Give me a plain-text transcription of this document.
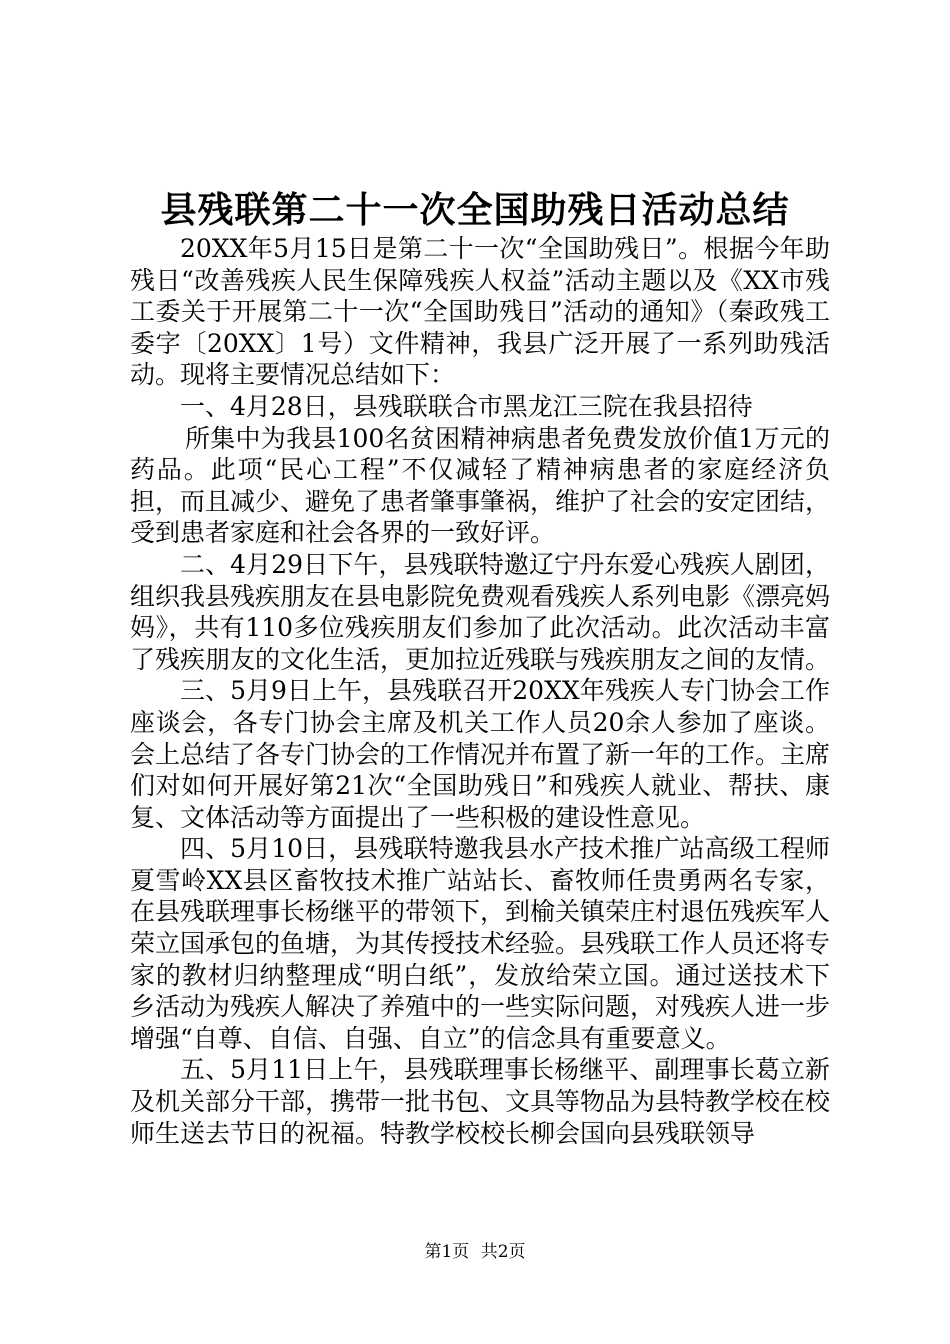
县残联第二十一次全国助残日活动总结

20XX年5月15日是第二十一次“全国助残日”。根据今年助残日“改善残疾人民生保障残疾人权益”活动主题以及《XX市残工委关于开展第二十一次“全国助残日”活动的通知》（秦政残工委字〔20XX〕1号）文件精神，我县广泛开展了一系列助残活动。现将主要情况总结如下：

一、4月28日，县残联联合市黑龙江三院在我县招待

所集中为我县100名贫困精神病患者免费发放价值1万元的药品。此项“民心工程”不仅减轻了精神病患者的家庭经济负担，而且减少、避免了患者肇事肇祸，维护了社会的安定团结，受到患者家庭和社会各界的一致好评。

二、4月29日下午，县残联特邀辽宁丹东爱心残疾人剧团，组织我县残疾朋友在县电影院免费观看残疾人系列电影《漂亮妈妈》，共有110多位残疾朋友们参加了此次活动。此次活动丰富了残疾朋友的文化生活，更加拉近残联与残疾朋友之间的友情。

三、5月9日上午，县残联召开20XX年残疾人专门协会工作座谈会，各专门协会主席及机关工作人员20余人参加了座谈。会上总结了各专门协会的工作情况并布置了新一年的工作。主席们对如何开展好第21次“全国助残日”和残疾人就业、帮扶、康复、文体活动等方面提出了一些积极的建设性意见。

四、5月10日，县残联特邀我县水产技术推广站高级工程师夏雪岭XX县区畜牧技术推广站站长、畜牧师任贵勇两名专家，在县残联理事长杨继平的带领下，到榆关镇荣庄村退伍残疾军人荣立国承包的鱼塘，为其传授技术经验。县残联工作人员还将专家的教材归纳整理成“明白纸”，发放给荣立国。通过送技术下乡活动为残疾人解决了养殖中的一些实际问题，对残疾人进一步增强“自尊、自信、自强、自立”的信念具有重要意义。

五、5月11日上午，县残联理事长杨继平、副理事长葛立新及机关部分干部，携带一批书包、文具等物品为县特教学校在校师生送去节日的祝福。特教学校校长柳会国向县残联领导

第1页 共2页
